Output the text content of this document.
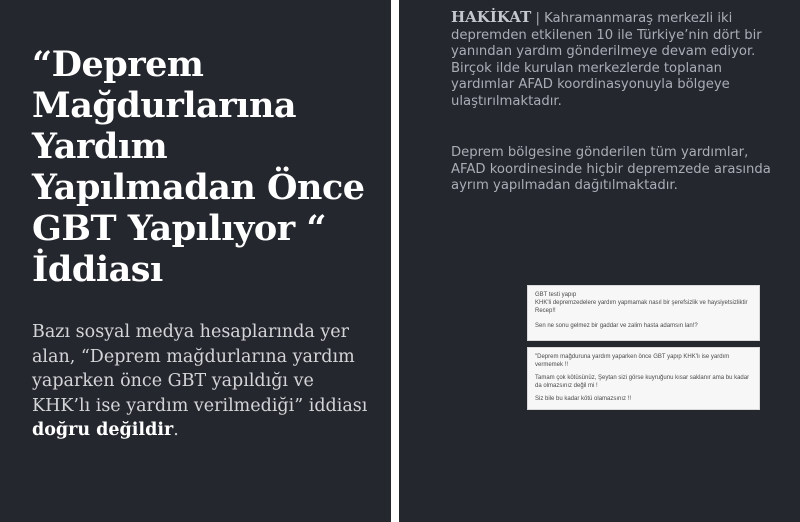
“Deprem Mağdurlarına Yardım Yapılmadan Önce GBT Yapılıyor “ İddiası

Bazı sosyal medya hesaplarında yer alan, “Deprem mağdurlarına yardım yaparken önce GBT yapıldığı ve KHK’lı ise yardım verilmediği” iddiası doğru değildir.

HAKİKAT | Kahramanmaraş merkezli iki depremden etkilenen 10 ile Türkiye’nin dört bir yanından yardım gönderilmeye devam ediyor. Birçok ilde kurulan merkezlerde toplanan yardımlar AFAD koordinasyonuyla bölgeye ulaştırılmaktadır.

Deprem bölgesine gönderilen tüm yardımlar, AFAD koordinesinde hiçbir depremzede arasında ayrım yapılmadan dağıtılmaktadır.

GBT testi yapıp

KHK'li depremzedelere yardım yapmamak nasıl bir şerefsizlik ve haysiyetsizliktir Recep!!

Sen ne sonu gelmez bir gaddar ve zalim hasta adamsın lan!?

"Deprem mağduruna yardım yaparken önce GBT yapıp KHK'lı ise yardım vermemek !!

Tamam çok kötüsünüz, Şeytan sizi görse kuyruğunu kısar saklanır ama bu kadar da olmazsınız değil mi !

Siz bile bu kadar kötü olamazsınız !!
